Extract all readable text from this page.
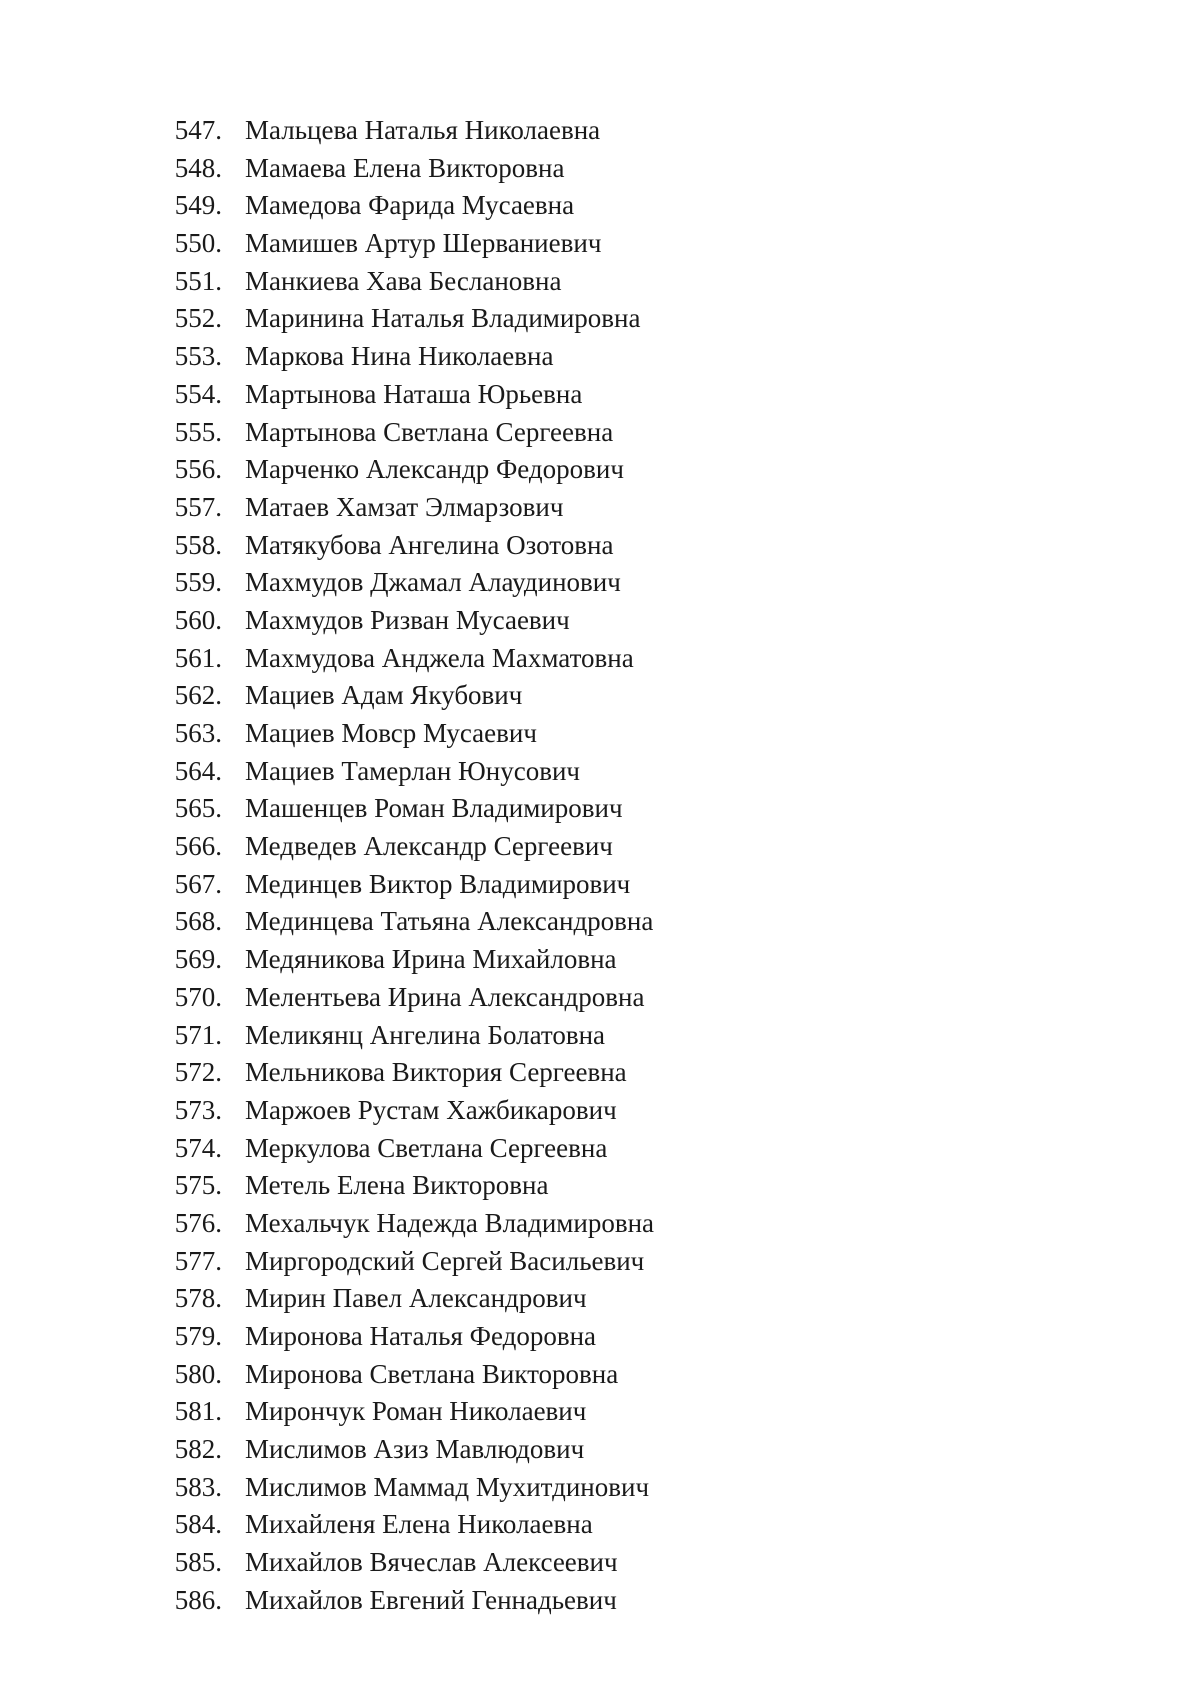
547. Мальцева Наталья Николаевна
548. Мамаева Елена Викторовна
549. Мамедова Фарида Мусаевна
550. Мамишев Артур Шерваниевич
551. Манкиева Хава Беслановна
552. Маринина Наталья Владимировна
553. Маркова Нина Николаевна
554. Мартынова Наташа Юрьевна
555. Мартынова Светлана Сергеевна
556. Марченко Александр Федорович
557. Матаев Хамзат Элмарзович
558. Матякубова Ангелина Озотовна
559. Махмудов Джамал Алаудинович
560. Махмудов Ризван Мусаевич
561. Махмудова Анджела Махматовна
562. Мациев Адам Якубович
563. Мациев Мовср Мусаевич
564. Мациев Тамерлан Юнусович
565. Машенцев Роман Владимирович
566. Медведев Александр Сергеевич
567. Мединцев Виктор Владимирович
568. Мединцева Татьяна Александровна
569. Медяникова Ирина Михайловна
570. Мелентьева Ирина Александровна
571. Меликянц Ангелина Болатовна
572. Мельникова Виктория Сергеевна
573. Маржоев Рустам Хажбикарович
574. Меркулова Светлана Сергеевна
575. Метель Елена Викторовна
576. Мехальчук Надежда Владимировна
577. Миргородский Сергей Васильевич
578. Мирин Павел Александрович
579. Миронова Наталья Федоровна
580. Миронова Светлана Викторовна
581. Мирончук Роман Николаевич
582. Мислимов Азиз Мавлюдович
583. Мислимов Маммад Мухитдинович
584. Михайленя Елена Николаевна
585. Михайлов Вячеслав Алексеевич
586. Михайлов Евгений Геннадьевич
